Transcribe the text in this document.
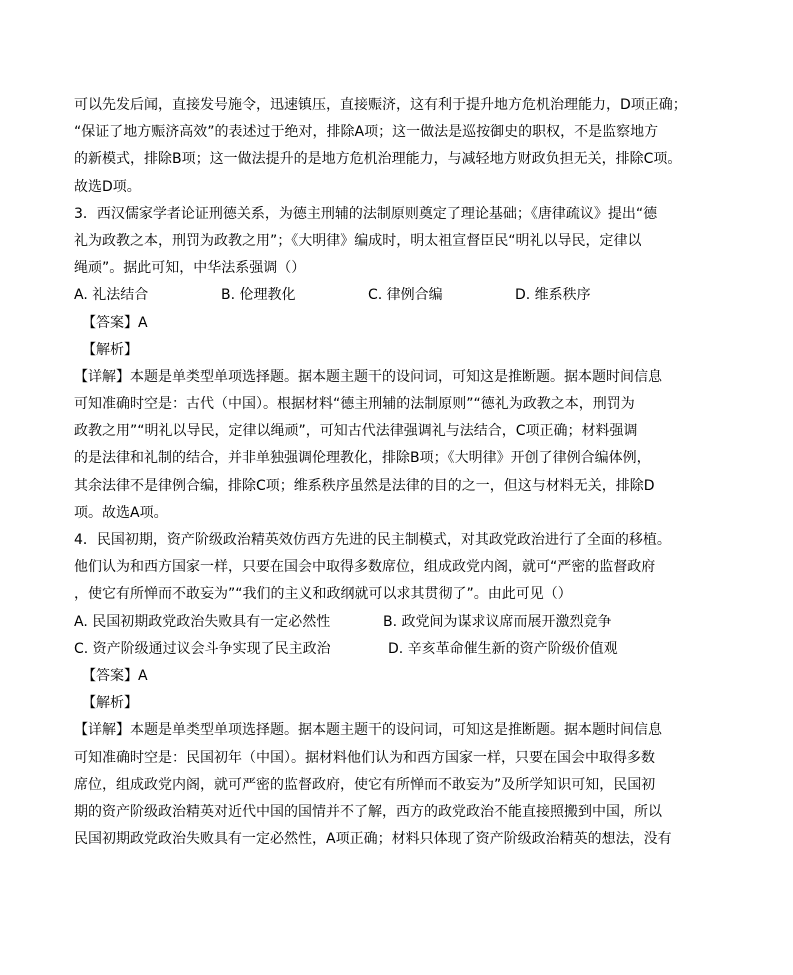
可以先发后闻，直接发号施令，迅速镇压，直接赈济，这有利于提升地方危机治理能力，D项正确；
“保证了地方赈济高效”的表述过于绝对，排除A项；这一做法是巡按御史的职权，不是监察地方
的新模式，排除B项；这一做法提升的是地方危机治理能力，与减轻地方财政负担无关，排除C项。
故选D项。
3．西汉儒家学者论证刑德关系，为德主刑辅的法制原则奠定了理论基础；《唐律疏议》提出“德
礼为政教之本，刑罚为政教之用”；《大明律》编成时，明太祖宣督臣民“明礼以导民，定律以
绳顽”。据此可知，中华法系强调（）
A. 礼法结合	B. 伦理教化	C. 律例合编	D. 维系秩序
【答案】A
【解析】
【详解】本题是单类型单项选择题。据本题主题干的设问词，可知这是推断题。据本题时间信息
可知准确时空是：古代（中国）。根据材料“德主刑辅的法制原则”“德礼为政教之本，刑罚为
政教之用”“明礼以导民，定律以绳顽”，可知古代法律强调礼与法结合，C项正确；材料强调
的是法律和礼制的结合，并非单独强调伦理教化，排除B项；《大明律》开创了律例合编体例，
其余法律不是律例合编，排除C项；维系秩序虽然是法律的目的之一，但这与材料无关，排除D
项。故选A项。
4．民国初期，资产阶级政治精英效仿西方先进的民主制模式，对其政党政治进行了全面的移植。
他们认为和西方国家一样，只要在国会中取得多数席位，组成政党内阁，就可“严密的监督政府
，使它有所惮而不敢妄为”“我们的主义和政纲就可以求其贯彻了”。由此可见（）
A. 民国初期政党政治失败具有一定必然性	B. 政党间为谋求议席而展开激烈竞争
C. 资产阶级通过议会斗争实现了民主政治	D. 辛亥革命催生新的资产阶级价值观
【答案】A
【解析】
【详解】本题是单类型单项选择题。据本题主题干的设问词，可知这是推断题。据本题时间信息
可知准确时空是：民国初年（中国）。据材料他们认为和西方国家一样，只要在国会中取得多数
席位，组成政党内阁，就可严密的监督政府，使它有所惮而不敢妄为”及所学知识可知，民国初
期的资产阶级政治精英对近代中国的国情并不了解，西方的政党政治不能直接照搬到中国，所以
民国初期政党政治失败具有一定必然性，A项正确；材料只体现了资产阶级政治精英的想法，没有
